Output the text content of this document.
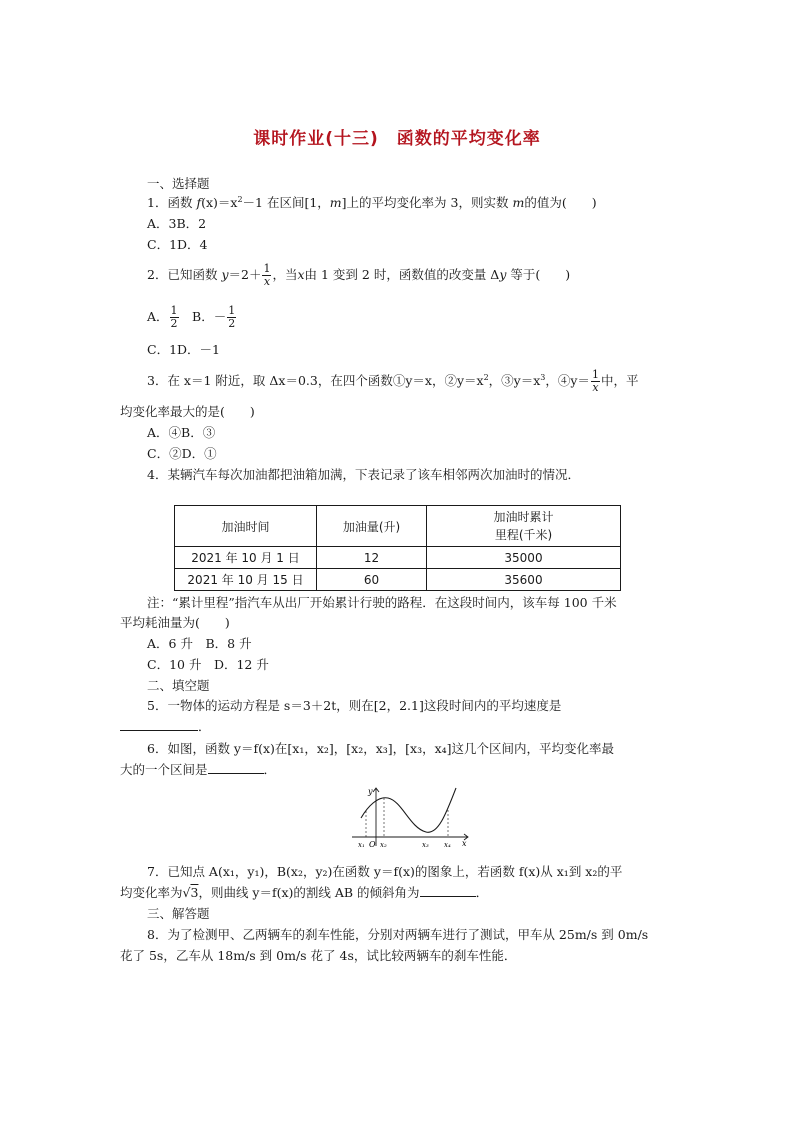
课时作业(十三)　函数的平均变化率
一、选择题
1．函数 $f(x)=x^2-1$ 在区间[1，m]上的平均变化率为 3，则实数 m的值为(　　)
A．3B．2
C．1D．4
2．已知函数 $y=2+ \frac{1}{x}$ ，当x由 1 变到 2 时，函数值的改变量 Δy 等于(　　)
A． $\frac{1}{2}$
　 B．－ $\frac{1}{2}$
C．1D．－1
3．在 x＝1 附近，取 Δx＝0.3，在四个函数①y＝x，$②y=x^2$，$③y=x^3$，④y＝ $\frac{1}{x}$ 中，平
均变化率最大的是(　　)
A．④B．③
C．②D．①
4．某辆汽车每次加油都把油箱加满，下表记录了该车相邻两次加油时的情况．
加油时间	加油量(升)	加油时累计
里程(千米)
2021 年 10 月 1 日	12	35000
2021 年 10 月 15 日	60	35600
注：“累计里程”指汽车从出厂开始累计行驶的路程．在这段时间内，该车每 100 千米
平均耗油量为(　　)
A．6 升　B．8 升
C．10 升　D．12 升
二、填空题
5．一物体的运动方程是 s＝3＋2t，则在[2，2.1]这段时间内的平均速度是
．
6．如图，函数 y＝f(x)在[x₁，x₂]，[x₂，x₃]，[x₃，x₄]这几个区间内，平均变化率最
大的一个区间是	．
y
x
O
x₁ x₂	x₃ x₄
7．已知点 A(x₁，y₁)，B(x₂，y₂)在函数 y＝f(x)的图象上，若函数 f(x)从 x₁到 x₂的平
均变化率为√3，则曲线 y＝f(x)的割线 AB 的倾斜角为	．
三、解答题
8．为了检测甲、乙两辆车的刹车性能，分别对两辆车进行了测试，甲车从 25m/s 到 0m/s
花了 5s，乙车从 18m/s 到 0m/s 花了 4s，试比较两辆车的刹车性能．
